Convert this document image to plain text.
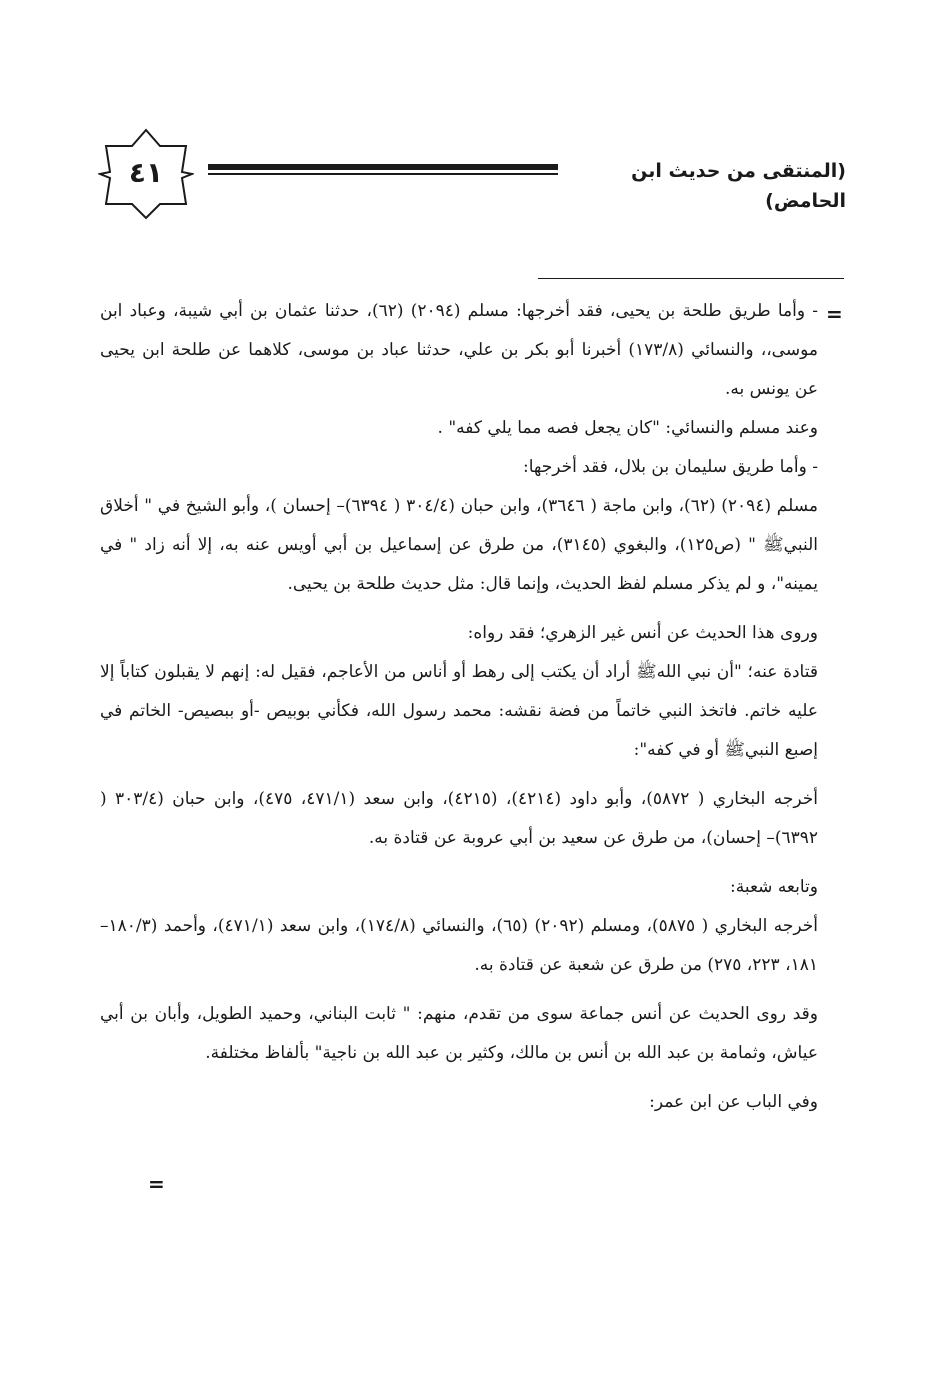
٤١	(المنتقى من حديث ابن الحامض)
=

- وأما طريق طلحة بن يحيى، فقد أخرجها: مسلم (٢٠٩٤) (٦٢)، حدثنا عثمان بن أبي شيبة، وعباد ابن موسى،، والنسائي (١٧٣/٨) أخبرنا أبو بكر بن علي، حدثنا عباد بن موسى، كلاهما عن طلحة ابن يحيى عن يونس به.

وعند مسلم والنسائي: "كان يجعل فصه مما يلي كفه" .

- وأما طريق سليمان بن بلال، فقد أخرجها:

مسلم (٢٠٩٤) (٦٢)، وابن ماجة ( ٣٦٤٦)، وابن حبان (٣٠٤/٤ ( ٦٣٩٤)– إحسان )، وأبو الشيخ في " أخلاق النبيﷺ " (ص١٢٥)، والبغوي (٣١٤٥)، من طرق عن إسماعيل بن أبي أويس عنه به، إلا أنه زاد " في يمينه"، و لم يذكر مسلم لفظ الحديث، وإنما قال: مثل حديث طلحة بن يحيى.

وروى هذا الحديث عن أنس غير الزهري؛ فقد رواه:

قتادة عنه؛ "أن نبي اللهﷺ أراد أن يكتب إلى رهط أو أناس من الأعاجم، فقيل له: إنهم لا يقبلون كتاباً إلا عليه خاتم. فاتخذ النبي خاتماً من فضة نقشه: محمد رسول الله، فكأني بوبيص -أو ببصيص- الخاتم في إصبع النبيﷺ أو في كفه":

أخرجه البخاري ( ٥٨٧٢)، وأبو داود (٤٢١٤)، (٤٢١٥)، وابن سعد (٤٧١/١، ٤٧٥)، وابن حبان (٣٠٣/٤ ( ٦٣٩٢)– إحسان)، من طرق عن سعيد بن أبي عروبة عن قتادة به.

وتابعه شعبة:

أخرجه البخاري ( ٥٨٧٥)، ومسلم (٢٠٩٢) (٦٥)، والنسائي (١٧٤/٨)، وابن سعد (٤٧١/١)، وأحمد (١٨٠/٣– ١٨١، ٢٢٣، ٢٧٥) من طرق عن شعبة عن قتادة به.

وقد روى الحديث عن أنس جماعة سوى من تقدم، منهم: " ثابت البناني، وحميد الطويل، وأبان بن أبي عياش، وثمامة بن عبد الله بن أنس بن مالك، وكثير بن عبد الله بن ناجية" بألفاظ مختلفة.

وفي الباب عن ابن عمر:

=
